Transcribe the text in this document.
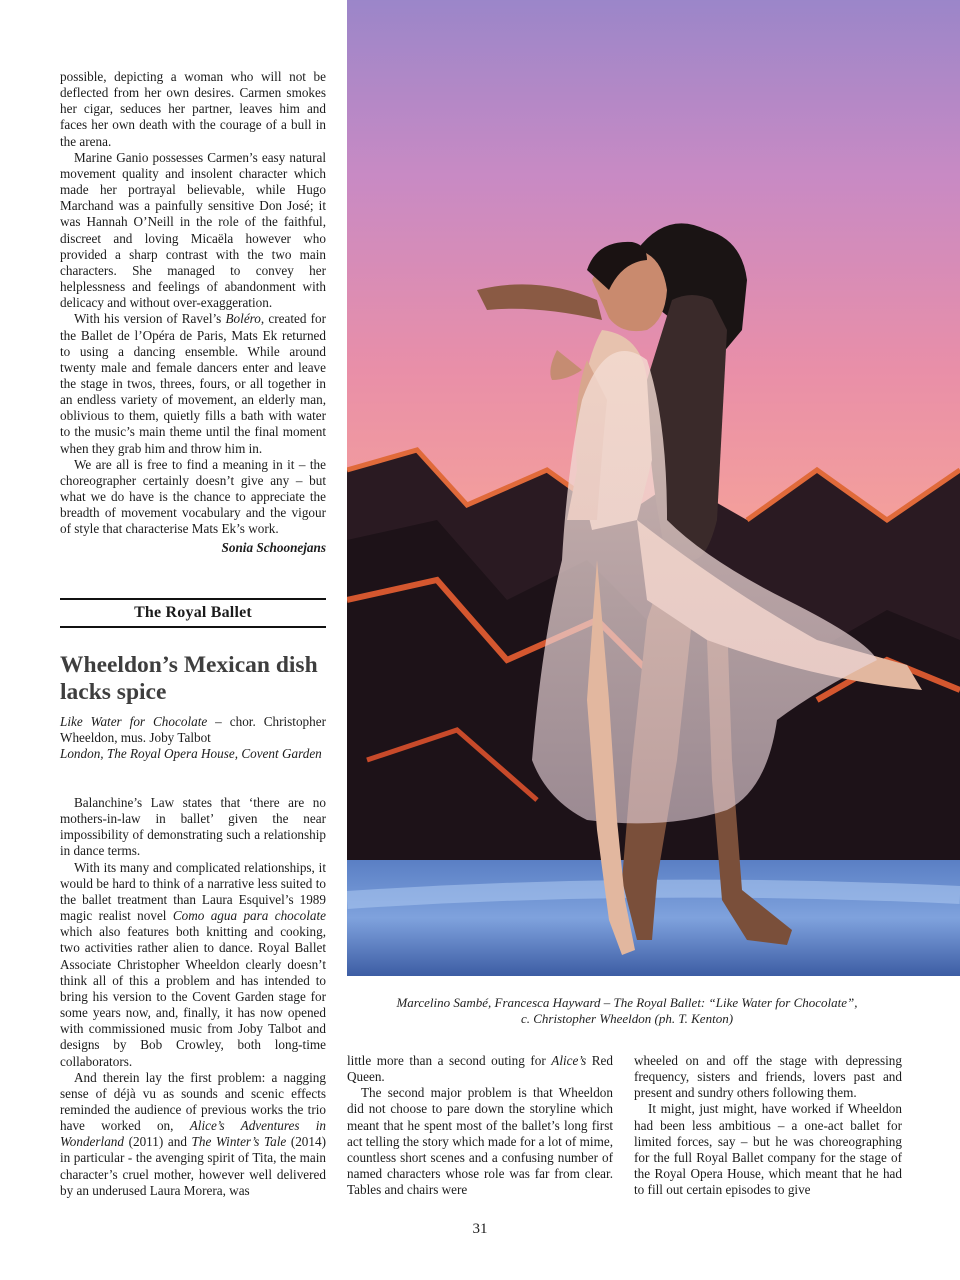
possible, depicting a woman who will not be deflected from her own desires. Carmen smokes her cigar, seduces her partner, leaves him and faces her own death with the courage of a bull in the arena.

Marine Ganio possesses Carmen’s easy natural movement quality and insolent character which made her portrayal believable, while Hugo Marchand was a painfully sensitive Don José; it was Hannah O’Neill in the role of the faithful, discreet and loving Micaëla however who provided a sharp contrast with the two main characters. She managed to convey her helplessness and feelings of abandonment with delicacy and without over-exaggeration.

With his version of Ravel’s Boléro, created for the Ballet de l’Opéra de Paris, Mats Ek returned to using a dancing ensemble. While around twenty male and female dancers enter and leave the stage in twos, threes, fours, or all together in an endless variety of movement, an elderly man, oblivious to them, quietly fills a bath with water to the music’s main theme until the final moment when they grab him and throw him in.

We are all is free to find a meaning in it – the choreographer certainly doesn’t give any – but what we do have is the chance to appreciate the breadth of movement vocabulary and the vigour of style that characterise Mats Ek’s work.

Sonia Schoonejans

The Royal Ballet
Wheeldon’s Mexican dish lacks spice
Like Water for Chocolate – chor. Christopher Wheeldon, mus. Joby Talbot
London, The Royal Opera House, Covent Garden

Balanchine’s Law states that ‘there are no mothers-in-law in ballet’ given the near impossibility of demonstrating such a relationship in dance terms.

With its many and complicated relationships, it would be hard to think of a narrative less suited to the ballet treatment than Laura Esquivel’s 1989 magic realist novel Como agua para chocolate which also features both knitting and cooking, two activities rather alien to dance. Royal Ballet Associate Christopher Wheeldon clearly doesn’t think all of this a problem and has intended to bring his version to the Covent Garden stage for some years now, and, finally, it has now opened with commissioned music from Joby Talbot and designs by Bob Crowley, both long-time collaborators.

And therein lay the first problem: a nagging sense of déjà vu as sounds and scenic effects reminded the audience of previous works the trio have worked on, Alice’s Adventures in Wonderland (2011) and The Winter’s Tale (2014) in particular - the avenging spirit of Tita, the main character’s cruel mother, however well delivered by an underused Laura Morera, was

Marcelino Sambé, Francesca Hayward – The Royal Ballet: “Like Water for Chocolate”,
c. Christopher Wheeldon (ph. T. Kenton)

little more than a second outing for Alice’s Red Queen.

The second major problem is that Wheeldon did not choose to pare down the storyline which meant that he spent most of the ballet’s long first act telling the story which made for a lot of mime, countless short scenes and a confusing number of named characters whose role was far from clear. Tables and chairs were

wheeled on and off the stage with depressing frequency, sisters and friends, lovers past and present and sundry others following them.

It might, just might, have worked if Wheeldon had been less ambitious – a one-act ballet for limited forces, say – but he was choreographing for the full Royal Ballet company for the stage of the Royal Opera House, which meant that he had to fill out certain episodes to give

31
